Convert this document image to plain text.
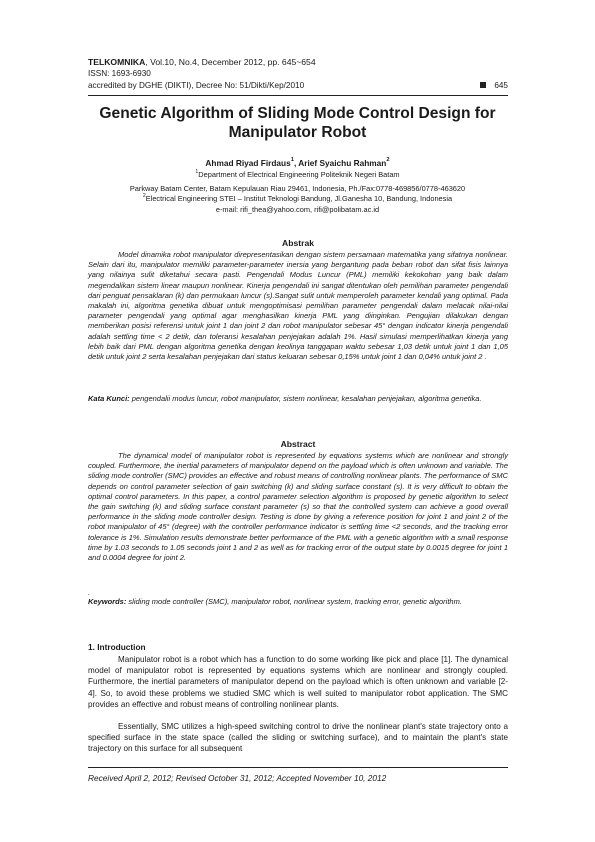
TELKOMNIKA, Vol.10, No.4, December 2012, pp. 645~654
ISSN: 1693-6930
accredited by DGHE (DIKTI), Decree No: 51/Dikti/Kep/2010	645
Genetic Algorithm of Sliding Mode Control Design for
Manipulator Robot
Ahmad Riyad Firdaus$^1$, Arief Syaichu Rahman$^2$
$^1$Department of Electrical Engineering Politeknik Negeri Batam
Parkway Batam Center, Batam Kepulauan Riau 29461, Indonesia, Ph./Fax:0778-469856/0778-463620
$^2$Electrical Engineering STEI – Institut Teknologi Bandung, Jl.Ganesha 10, Bandung, Indonesia
e-mail: rifi_thea@yahoo.com, rifi@polibatam.ac.id
Abstrak
Model dinamika robot manipulator direpresentasikan dengan sistem persamaan matematika yang sifatnya nonlinear. Selain dari itu, manipulator memiliki parameter-parameter inersia yang bergantung pada beban robot dan sifat fisis lainnya yang nilainya sulit diketahui secara pasti. Pengendali Modus Luncur (PML) memiliki kekokohan yang baik dalam megendalikan sistem linear maupun nonlinear. Kinerja pengendali ini sangat ditentukan oleh pemilihan parameter pengendali dari penguat pensaklaran (k) dan permukaan luncur (s).Sangat sulit untuk memperoleh parameter kendali yang optimal. Pada makalah ini, algoritma genetika dibuat untuk mengoptimisasi pemilihan parameter pengendali dalam melacak nilai-nilai parameter pengendali yang optimal agar menghasilkan kinerja PML yang diinginkan. Pengujian dilakukan dengan memberikan posisi referensi untuk joint 1 dan joint 2 dan robot manipulator sebesar 45° dengan indicator kinerja pengendali adalah settling time < 2 detik, dan toleransi kesalahan penjejakan adalah 1%. Hasil simulasi memperlihatkan kinerja yang lebih baik dari PML dengan algoritma genetika dengan keolinya tanggapan waktu sebesar 1,03 detik untuk joint 1 dan 1,05 detik untuk joint 2 serta kesalahan penjejakan dari status keluaran sebesar 0,15% untuk joint 1 dan 0,04% untuk joint 2 .
Kata Kunci: pengendalii modus luncur, robot manipulator, sistem nonlinear, kesalahan penjejakan, algoritma genetika.
Abstract
The dynamical model of manipulator robot is represented by equations systems which are nonlinear and strongly coupled. Furthermore, the inertial parameters of manipulator depend on the payload which is often unknown and variable. The sliding mode controller (SMC) provides an effective and robust means of controlling nonlinear plants. The performance of SMC depends on control parameter selection of gain switching (k) and sliding surface constant (s). It is very difficult to obtain the optimal control parameters. In this paper, a control parameter selection algorithm is proposed by genetic algorithm to select the gain switching (k) and sliding surface constant parameter (s) so that the controlled system can achieve a good overall performance in the sliding mode controller design. Testing is done by giving a reference position for joint 1 and joint 2 of the robot manipulator of 45° (degree) with the controller performance indicator is settling time <2 seconds, and the tracking error tolerance is 1%. Simulation results demonstrate better performance of the PML with a genetic algorithm with a small response time by 1.03 seconds to 1.05 seconds joint 1 and 2 as well as for tracking error of the output state by 0.0015 degree for joint 1 and 0.0004 degree for joint 2.
.
Keywords: sliding mode controller (SMC), manipulator robot, nonlinear system, tracking error, genetic algorithm.
1. Introduction
Manipulator robot is a robot which has a function to do some working like pick and place [1]. The dynamical model of manipulator robot is represented by equations systems which are nonlinear and strongly coupled. Furthermore, the inertial parameters of manipulator depend on the payload which is often unknown and variable [2-4]. So, to avoid these problems we studied SMC which is well suited to manipulator robot application. The SMC provides an effective and robust means of controlling nonlinear plants.
Essentially, SMC utilizes a high-speed switching control to drive the nonlinear plant's state trajectory onto a specified surface in the state space (called the sliding or switching surface), and to maintain the plant's state trajectory on this surface for all subsequent
Received April 2, 2012; Revised October 31, 2012; Accepted November 10, 2012
